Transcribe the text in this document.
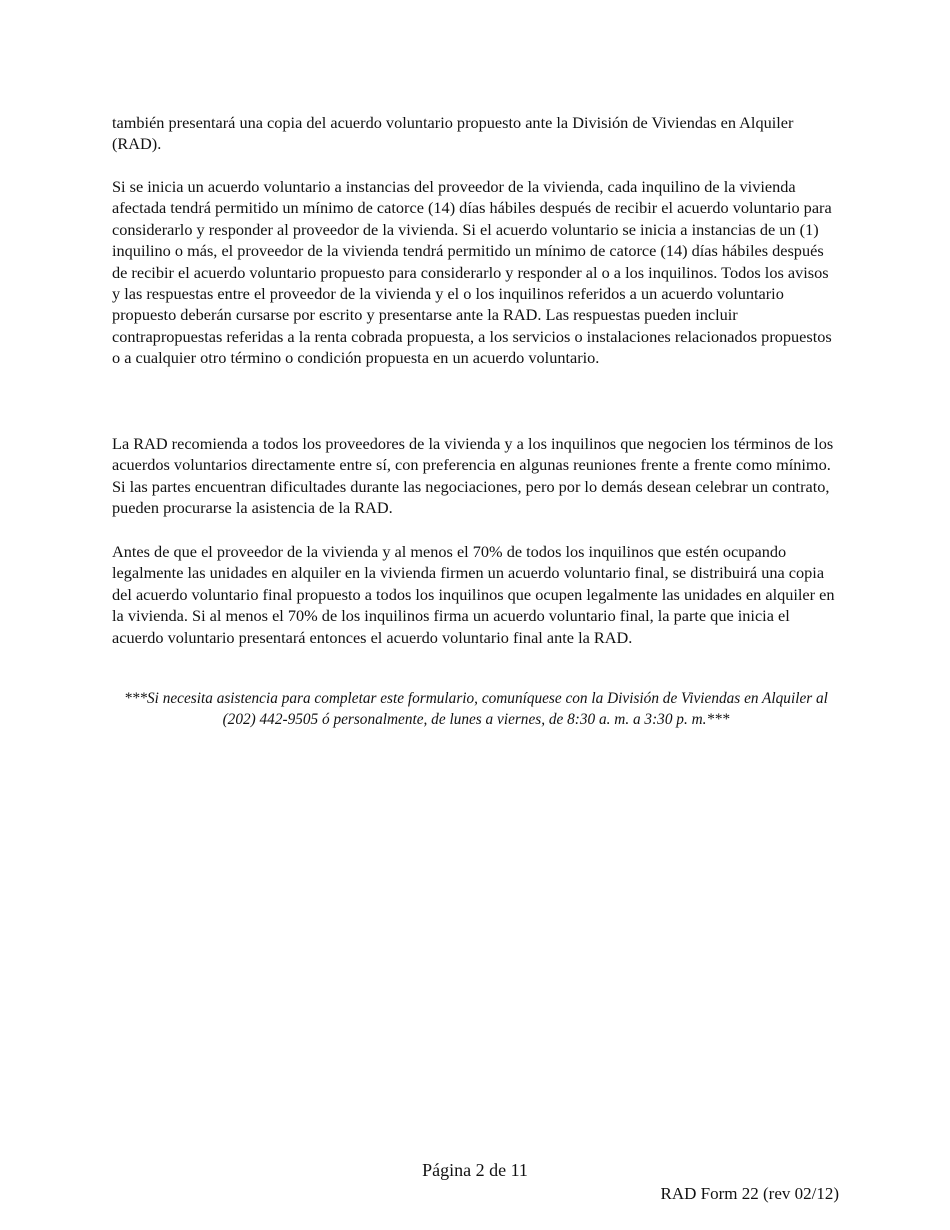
también presentará una copia del acuerdo voluntario propuesto ante la División de Viviendas en Alquiler (RAD).

Si se inicia un acuerdo voluntario a instancias del proveedor de la vivienda, cada inquilino de la vivienda afectada tendrá permitido un mínimo de catorce (14) días hábiles después de recibir el acuerdo voluntario para considerarlo y responder al proveedor de la vivienda. Si el acuerdo voluntario se inicia a instancias de un (1) inquilino o más, el proveedor de la vivienda tendrá permitido un mínimo de catorce (14) días hábiles después de recibir el acuerdo voluntario propuesto para considerarlo y responder al o a los inquilinos. Todos los avisos y las respuestas entre el proveedor de la vivienda y el o los inquilinos referidos a un acuerdo voluntario propuesto deberán cursarse por escrito y presentarse ante la RAD. Las respuestas pueden incluir contrapropuestas referidas a la renta cobrada propuesta, a los servicios o instalaciones relacionados propuestos o a cualquier otro término o condición propuesta en un acuerdo voluntario.

La RAD recomienda a todos los proveedores de la vivienda y a los inquilinos que negocien los términos de los acuerdos voluntarios directamente entre sí, con preferencia en algunas reuniones frente a frente como mínimo. Si las partes encuentran dificultades durante las negociaciones, pero por lo demás desean celebrar un contrato, pueden procurarse la asistencia de la RAD.

Antes de que el proveedor de la vivienda y al menos el 70% de todos los inquilinos que estén ocupando legalmente las unidades en alquiler en la vivienda firmen un acuerdo voluntario final, se distribuirá una copia del acuerdo voluntario final propuesto a todos los inquilinos que ocupen legalmente las unidades en alquiler en la vivienda. Si al menos el 70% de los inquilinos firma un acuerdo voluntario final, la parte que inicia el acuerdo voluntario presentará entonces el acuerdo voluntario final ante la RAD.

***Si necesita asistencia para completar este formulario, comuníquese con la División de Viviendas en Alquiler al (202) 442-9505 ó personalmente, de lunes a viernes, de 8:30 a. m. a 3:30 p. m.***

Página 2 de 11
RAD Form 22 (rev 02/12)
